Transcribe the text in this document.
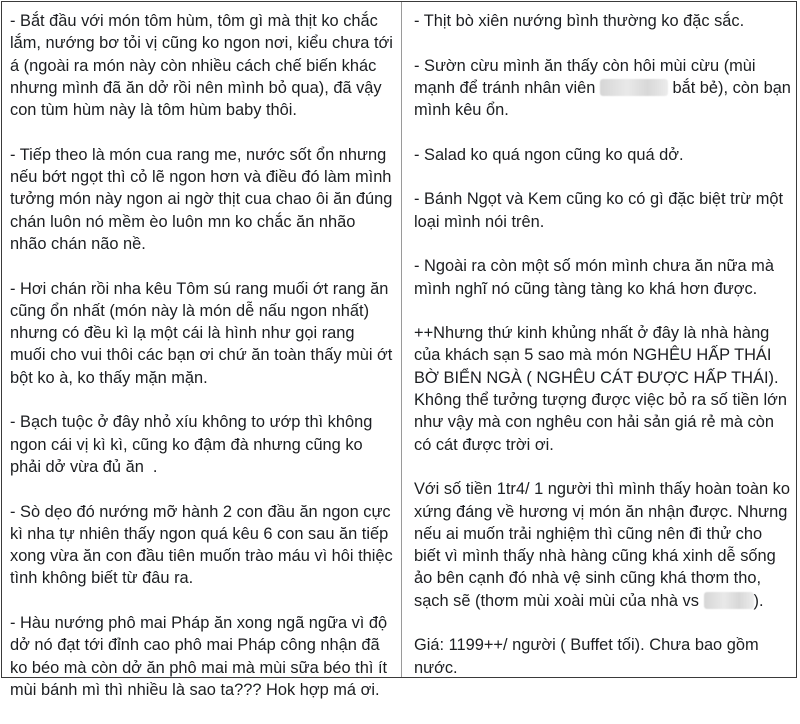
- Bắt đầu với món tôm hùm, tôm gì mà thịt ko chắc lắm, nướng bơ tỏi vị cũng ko ngon nơi, kiểu chưa tới á (ngoài ra món này còn nhiều cách chế biến khác nhưng mình đã ăn dở rồi nên mình bỏ qua), đã vậy con tùm hùm này là tôm hùm baby thôi.

- Tiếp theo là món cua rang me, nước sốt ổn nhưng nếu bớt ngọt thì cỏ lẽ ngon hơn và điều đó làm mình tưởng món này ngon ai ngờ thịt cua chao ôi ăn đúng chán luôn nó mềm èo luôn mn ko chắc ăn nhão nhão chán não nề.

- Hơi chán rồi nha kêu Tôm sú rang muối ớt rang ăn cũng ổn nhất (món này là món dễ nấu ngon nhất) nhưng có đều kì lạ một cái là hình như gọi rang muối cho vui thôi các bạn ơi chứ ăn toàn thấy mùi ớt bột ko à, ko thấy mặn mặn.

- Bạch tuộc ở đây nhỏ xíu không to ướp thì không ngon cái vị kì kì, cũng ko đậm đà nhưng cũng ko phải dở vừa đủ ăn  .

- Sò dẹo đó nướng mỡ hành 2 con đầu ăn ngon cực kì nha tự nhiên thấy ngon quá kêu 6 con sau ăn tiếp xong vừa ăn con đầu tiên muốn trào máu vì hôi thiệc tình không biết từ đâu ra.

- Hàu nướng phô mai Pháp ăn xong ngã ngữa vì độ dở nó đạt tới đỉnh cao phô mai Pháp công nhận đã ko béo mà còn dở ăn phô mai mà mùi sữa béo thì ít mùi bánh mì thì nhiều là sao ta??? Hok hợp má ơi.

- Thịt bò xiên nướng bình thường ko đặc sắc.

- Sườn cừu mình ăn thấy còn hôi mùi cừu (mùi mạnh để tránh nhân viên	bắt bẻ), còn bạn mình kêu ổn.

- Salad ko quá ngon cũng ko quá dở.

- Bánh Ngọt và Kem cũng ko có gì đặc biệt trừ một loại mình nói trên.

- Ngoài ra còn một số món mình chưa ăn nữa mà mình nghĩ nó cũng tàng tàng ko khá hơn được.

++Nhưng thứ kinh khủng nhất ở đây là nhà hàng của khách sạn 5 sao mà món NGHÊU HẤP THÁI BỜ BIỂN NGÀ ( NGHÊU CÁT ĐƯỢC HẤP THÁI). Không thể tưởng tượng được việc bỏ ra số tiền lớn như vậy mà con nghêu con hải sản giá rẻ mà còn có cát được trời ơi.

Với số tiền 1tr4/ 1 người thì mình thấy hoàn toàn ko xứng đáng về hương vị món ăn nhận được. Nhưng nếu ai muốn trải nghiệm thì cũng nên đi thử cho biết vì mình thấy nhà hàng cũng khá xinh dễ sống ảo bên cạnh đó nhà vệ sinh cũng khá thơm tho, sạch sẽ (thơm mùi xoài mùi của nhà vs	).

Giá: 1199++/ người ( Buffet tối). Chưa bao gồm nước.
